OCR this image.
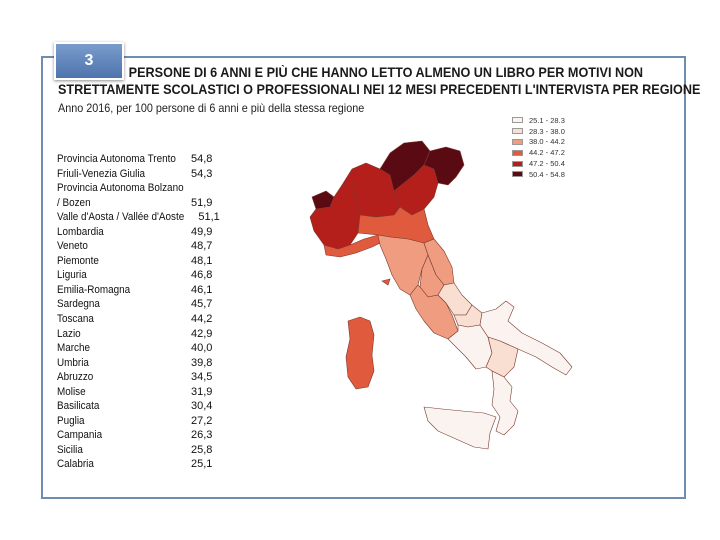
3
PERSONE DI 6 ANNI E PIÙ CHE HANNO LETTO ALMENO UN LIBRO PER MOTIVI NON
STRETTAMENTE SCOLASTICI O PROFESSIONALI NEI 12 MESI PRECEDENTI L'INTERVISTA PER REGIONE
Anno 2016, per 100 persone di 6 anni e più della stessa regione
Provincia Autonoma Trento 54,8
Friuli-Venezia Giulia	54,3
Provincia Autonoma Bolzano
/ Bozen	51,9
Valle d'Aosta / Vallée d'Aoste 51,1
Lombardia	49,9
Veneto	48,7
Piemonte	48,1
Liguria	46,8
Emilia-Romagna	46,1
Sardegna	45,7
Toscana	44,2
Lazio	42,9
Marche	40,0
Umbria	39,8
Abruzzo	34,5
Molise	31,9
Basilicata	30,4
Puglia	27,2
Campania	26,3
Sicilia	25,8
Calabria	25,1
25.1 - 28.3
28.3 - 38.0
38.0 - 44.2
44.2 - 47.2
47.2 - 50.4
50.4 - 54.8
